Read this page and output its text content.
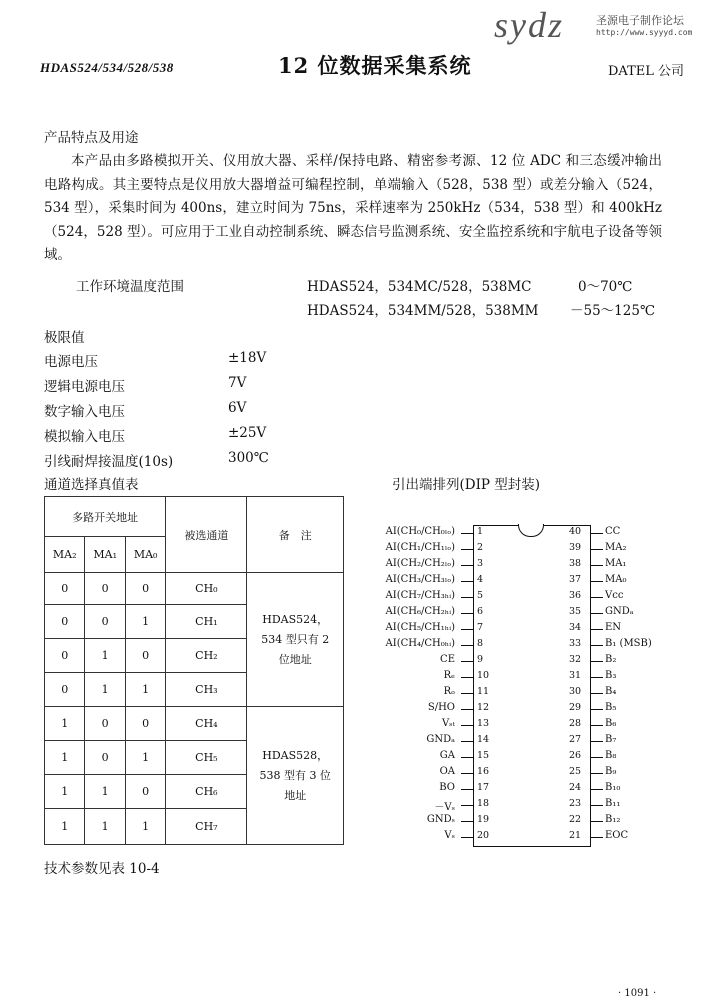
sydz	圣源电子制作论坛
http://www.syyyd.com
HDAS524/534/528/538	12 位数据采集系统	DATEL 公司
产品特点及用途
本产品由多路模拟开关、仪用放大器、采样/保持电路、精密参考源、12 位 ADC 和三态缓冲输出电路构成。其主要特点是仪用放大器增益可编程控制，单端输入（528，538 型）或差分输入（524，534 型），采集时间为 400ns，建立时间为 75ns，采样速率为 250kHz（534，538 型）和 400kHz（524，528 型）。可应用于工业自动控制系统、瞬态信号监测系统、安全监控系统和宇航电子设备等领域。
工作环境温度范围	HDAS524，534MC/528，538MC	0～70℃
HDAS524，534MM/528，538MM －55～125℃
极限值
电源电压	±18V
逻辑电源电压	7V
数字输入电压	6V
模拟输入电压	±25V
引线耐焊接温度(10s)	300℃
通道选择真值表
多路开关地址			被选通道	备　注
MA₂	MA₁	MA₀		
0	0	0	CH₀	HDAS524，534 型只有 2 位地址
0	0	1	CH₁	
0	1	0	CH₂	
0	1	1	CH₃	
1	0	0	CH₄	HDAS528，538 型有 3 位地址
1	0	1	CH₅	
1	1	0	CH₆	
1	1	1	CH₇	
引出端排列(DIP 型封装)
AI(CH₀/CH₀ₗₒ) 1	40 CC
AI(CH₁/CH₁ₗₒ) 2	39 MA₂
AI(CH₂/CH₂ₗₒ) 3	38 MA₁
AI(CH₃/CH₃ₗₒ) 4	37 MA₀
AI(CH₇/CH₃ₕᵢ) 5	36 Vcc
AI(CH₆/CH₂ₕᵢ) 6	35 GNDₐ
AI(CH₅/CH₁ₕᵢ) 7	34 EN
AI(CH₄/CH₀ₕᵢ) 8	33 B₁ (MSB)
CE 9	32 B₂
Rₑ 10	31 B₃
Rₒ 11	30 B₄
S/HO 12	29 B₅
Vₛₜ 13	28 B₆
GNDₐ 14	27 B₇
GA 15	26 B₈
OA 16	25 B₉
BO 17	24 B₁₀
－Vₛ 18	23 B₁₁
GNDₛ 19	22 B₁₂
Vₛ 20	21 EOC
技术参数见表 10-4
· 1091 ·
